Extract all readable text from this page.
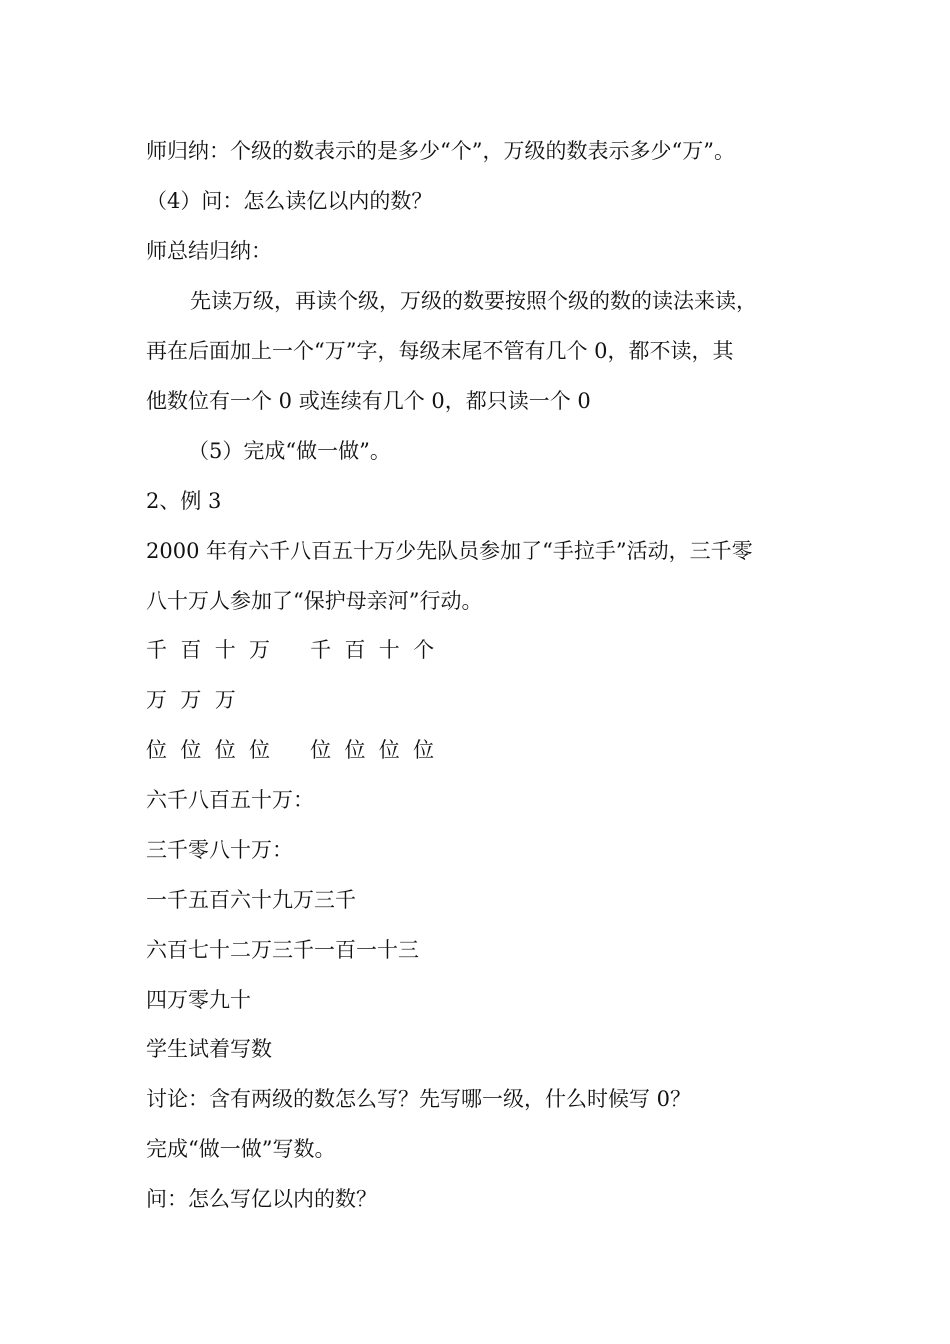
师归纳：个级的数表示的是多少“个”，万级的数表示多少“万”。
（4）问：怎么读亿以内的数？
师总结归纳：
先读万级，再读个级，万级的数要按照个级的数的读法来读，
再在后面加上一个“万”字，每级末尾不管有几个 0，都不读，其
他数位有一个 0 或连续有几个 0，都只读一个 0
（5）完成“做一做”。
2、例 3
2000 年有六千八百五十万少先队员参加了“手拉手”活动，三千零
八十万人参加了“保护母亲河”行动。
千  百  十  万      千  百  十  个
万  万  万
位  位  位  位      位  位  位  位
六千八百五十万：
三千零八十万：
一千五百六十九万三千
六百七十二万三千一百一十三
四万零九十
学生试着写数
讨论：含有两级的数怎么写？先写哪一级，什么时候写 0？
完成“做一做”写数。
问：怎么写亿以内的数？
